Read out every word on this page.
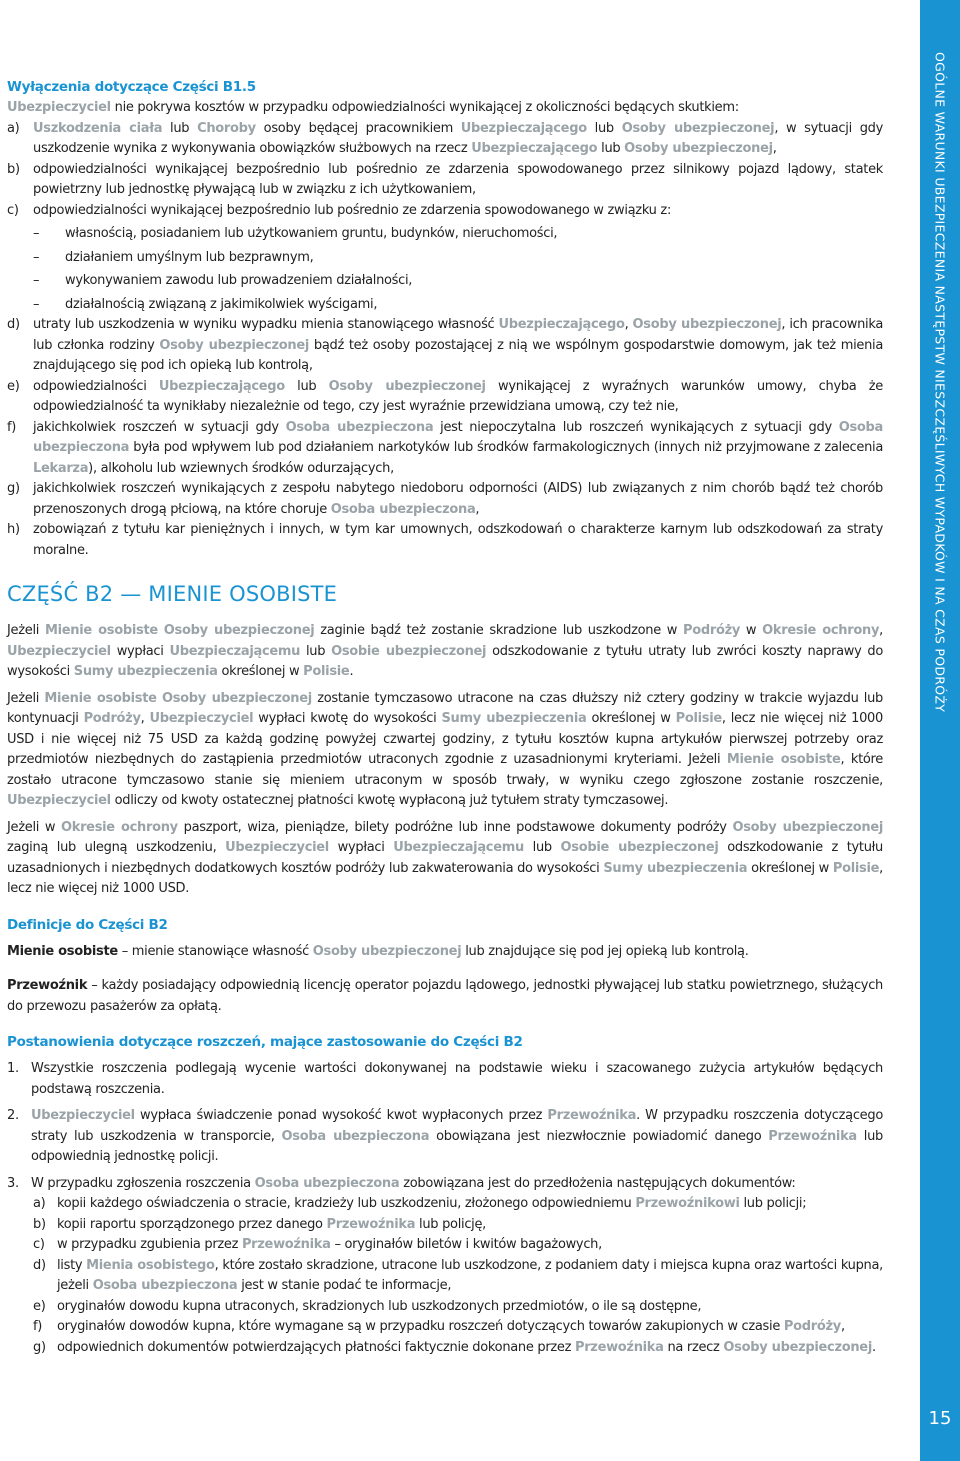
Wyłączenia dotyczące Części B1.5

Ubezpieczyciel nie pokrywa kosztów w przypadku odpowiedzialności wynikającej z okoliczności będących skutkiem:

a)	Uszkodzenia ciała lub Choroby osoby będącej pracownikiem Ubezpieczającego lub Osoby ubezpieczonej, w sytuacji gdy uszkodzenie wynika z wykonywania obowiązków służbowych na rzecz Ubezpieczającego lub Osoby ubezpieczonej,
b)	odpowiedzialności wynikającej bezpośrednio lub pośrednio ze zdarzenia spowodowanego przez silnikowy pojazd lądowy, statek powietrzny lub jednostkę pływającą lub w związku z ich użytkowaniem,
c)	odpowiedzialności wynikającej bezpośrednio lub pośrednio ze zdarzenia spowodowanego w związku z:
–	własnością, posiadaniem lub użytkowaniem gruntu, budynków, nieruchomości,
–	działaniem umyślnym lub bezprawnym,
–	wykonywaniem zawodu lub prowadzeniem działalności,
–	działalnością związaną z jakimikolwiek wyścigami,
d)	utraty lub uszkodzenia w wyniku wypadku mienia stanowiącego własność Ubezpieczającego, Osoby ubezpieczonej, ich pracownika lub członka rodziny Osoby ubezpieczonej bądź też osoby pozostającej z nią we wspólnym gospodarstwie domowym, jak też mienia znajdującego się pod ich opieką lub kontrolą,
e)	odpowiedzialności Ubezpieczającego lub Osoby ubezpieczonej wynikającej z wyraźnych warunków umowy, chyba że odpowiedzialność ta wynikłaby niezależnie od tego, czy jest wyraźnie przewidziana umową, czy też nie,
f)	jakichkolwiek roszczeń w sytuacji gdy Osoba ubezpieczona jest niepoczytalna lub roszczeń wynikających z sytuacji gdy Osoba ubezpieczona była pod wpływem lub pod działaniem narkotyków lub środków farmakologicznych (innych niż przyjmowane z zalecenia Lekarza), alkoholu lub wziewnych środków odurzających,
g)	jakichkolwiek roszczeń wynikających z zespołu nabytego niedoboru odporności (AIDS) lub związanych z nim chorób bądź też chorób przenoszonych drogą płciową, na które choruje Osoba ubezpieczona,
h)	zobowiązań z tytułu kar pieniężnych i innych, w tym kar umownych, odszkodowań o charakterze karnym lub odszkodowań za straty moralne.
CZĘŚĆ B2 — MIENIE OSOBISTE

Jeżeli Mienie osobiste Osoby ubezpieczonej zaginie bądź też zostanie skradzione lub uszkodzone w Podróży w Okresie ochrony, Ubezpieczyciel wypłaci Ubezpieczającemu lub Osobie ubezpieczonej odszkodowanie z tytułu utraty lub zwróci koszty naprawy do wysokości Sumy ubezpieczenia określonej w Polisie.

Jeżeli Mienie osobiste Osoby ubezpieczonej zostanie tymczasowo utracone na czas dłuższy niż cztery godziny w trakcie wyjazdu lub kontynuacji Podróży, Ubezpieczyciel wypłaci kwotę do wysokości Sumy ubezpieczenia określonej w Polisie, lecz nie więcej niż 1000 USD i nie więcej niż 75 USD za każdą godzinę powyżej czwartej godziny, z tytułu kosztów kupna artykułów pierwszej potrzeby oraz przedmiotów niezbędnych do zastąpienia przedmiotów utraconych zgodnie z uzasadnionymi kryteriami. Jeżeli Mienie osobiste, które zostało utracone tymczasowo stanie się mieniem utraconym w sposób trwały, w wyniku czego zgłoszone zostanie roszczenie, Ubezpieczyciel odliczy od kwoty ostatecznej płatności kwotę wypłaconą już tytułem straty tymczasowej.

Jeżeli w Okresie ochrony paszport, wiza, pieniądze, bilety podróżne lub inne podstawowe dokumenty podróży Osoby ubezpieczonej zaginą lub ulegną uszkodzeniu, Ubezpieczyciel wypłaci Ubezpieczającemu lub Osobie ubezpieczonej odszkodowanie z tytułu uzasadnionych i niezbędnych dodatkowych kosztów podróży lub zakwaterowania do wysokości Sumy ubezpieczenia określonej w Polisie, lecz nie więcej niż 1000 USD.

Definicje do Części B2

Mienie osobiste – mienie stanowiące własność Osoby ubezpieczonej lub znajdujące się pod jej opieką lub kontrolą.

Przewoźnik – każdy posiadający odpowiednią licencję operator pojazdu lądowego, jednostki pływającej lub statku powietrznego, służących do przewozu pasażerów za opłatą.

Postanowienia dotyczące roszczeń, mające zastosowanie do Części B2
1. Wszystkie roszczenia podlegają wycenie wartości dokonywanej na podstawie wieku i szacowanego zużycia artykułów będących podstawą roszczenia.
2. Ubezpieczyciel wypłaca świadczenie ponad wysokość kwot wypłaconych przez Przewoźnika. W przypadku roszczenia dotyczącego straty lub uszkodzenia w transporcie, Osoba ubezpieczona obowiązana jest niezwłocznie powiadomić danego Przewoźnika lub odpowiednią jednostkę policji.
3. W przypadku zgłoszenia roszczenia Osoba ubezpieczona zobowiązana jest do przedłożenia następujących dokumentów:
a) kopii każdego oświadczenia o stracie, kradzieży lub uszkodzeniu, złożonego odpowiedniemu Przewoźnikowi lub policji;
b) kopii raportu sporządzonego przez danego Przewoźnika lub policję,
c) w przypadku zgubienia przez Przewoźnika – oryginałów biletów i kwitów bagażowych,
d) listy Mienia osobistego, które zostało skradzione, utracone lub uszkodzone, z podaniem daty i miejsca kupna oraz wartości kupna, jeżeli Osoba ubezpieczona jest w stanie podać te informacje,
e) oryginałów dowodu kupna utraconych, skradzionych lub uszkodzonych przedmiotów, o ile są dostępne,
f)	oryginałów dowodów kupna, które wymagane są w przypadku roszczeń dotyczących towarów zakupionych w czasie Podróży,
g) odpowiednich dokumentów potwierdzających płatności faktycznie dokonane przez Przewoźnika na rzecz Osoby ubezpieczonej.
OGÓLNE WARUNKI UBEZPIECZENIA NASTĘPSTW NIESZCZĘŚLIWYCH WYPADKÓW I NA CZAS PODRÓŻY
15
